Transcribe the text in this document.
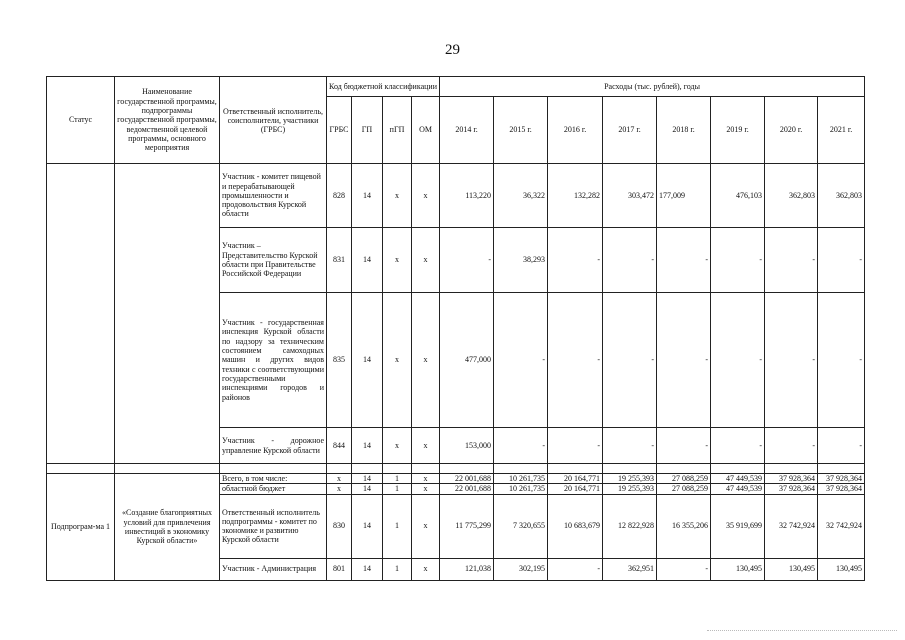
29
Статус	Наименование государственной программы, подпрограммы государственной программы, ведомственной целевой программы, основного мероприятия	Ответственный исполнитель, соисполнители, участники (ГРБС)	Код бюджетной классификации				Расходы (тыс. рублей), годы							
			ГРБС	ГП	пГП	ОМ	2014 г.	2015 г.	2016 г.	2017 г.	2018 г.	2019 г.	2020 г.	2021 г.
		Участник - комитет пищевой и перерабатывающей промышленности и продовольствия Курской области	828	14	х	х	113,220	36,322	132,282	303,472	177,009	476,103	362,803	362,803
		Участник – Представительство Курской области при Правительстве Российской Федерации	831	14	х	х	-	38,293	-	-	-	-	-	-
		Участник - государственная инспекция Курской области по надзору за техническим состоянием самоходных машин и других видов техники с соответствующими государственными инспекциями городов и районов	835	14	х	х	477,000	-	-	-	-	-	-	-
		Участник - дорожное управление Курской области	844	14	х	х	153,000	-	-	-	-	-	-	-

Подпрограм-ма 1	«Создание благоприятных условий для привлечения инвестиций в экономику Курской области»	Всего, в том числе:	х	14	1	х	22 001,688	10 261,735	20 164,771	19 255,393	27 088,259	47 449,539	37 928,364	37 928,364
		областной бюджет	х	14	1	х	22 001,688	10 261,735	20 164,771	19 255,393	27 088,259	47 449,539	37 928,364	37 928,364
		Ответственный исполнитель подпрограммы - комитет по экономике и развитию Курской области	830	14	1	х	11 775,299	7 320,655	10 683,679	12 822,928	16 355,206	35 919,699	32 742,924	32 742,924
		Участник - Администрация	801	14	1	х	121,038	302,195	-	362,951	-	130,495	130,495	130,495
